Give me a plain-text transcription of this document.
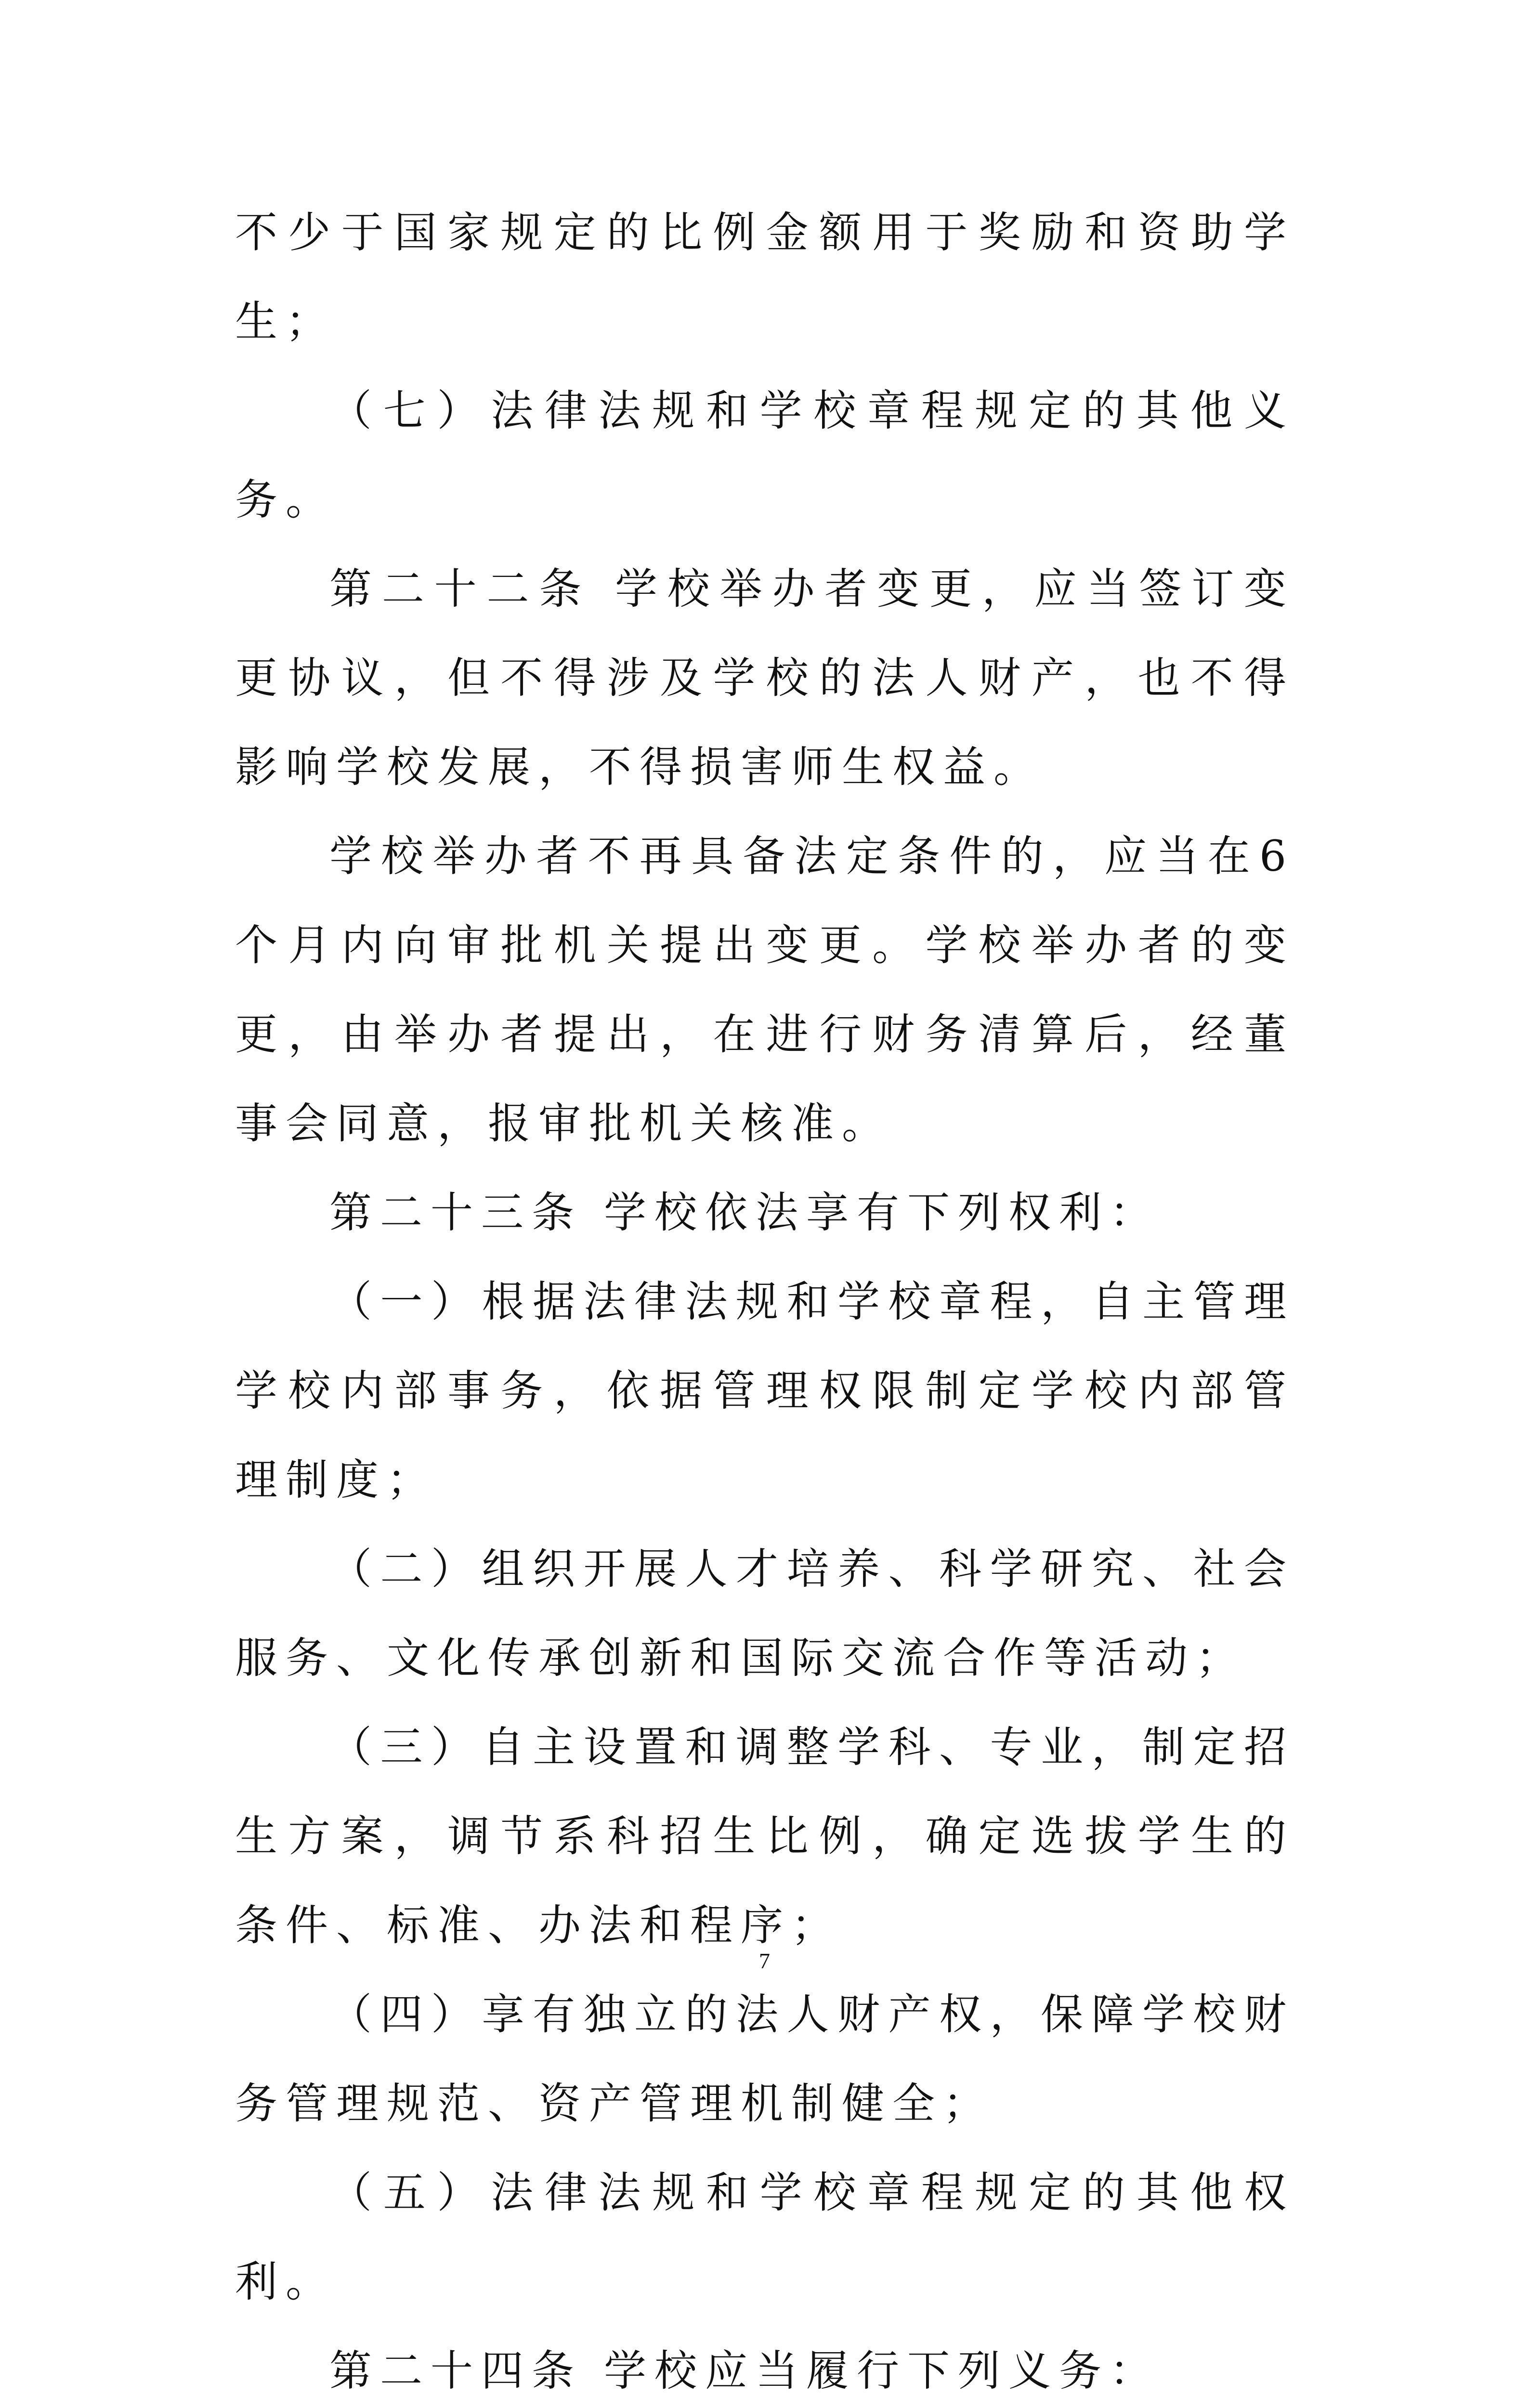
不少于国家规定的比例金额用于奖励和资助学生；

（七）法律法规和学校章程规定的其他义务。

第二十二条 学校举办者变更，应当签订变更协议，但不得涉及学校的法人财产，也不得影响学校发展，不得损害师生权益。

学校举办者不再具备法定条件的，应当在6个月内向审批机关提出变更。学校举办者的变更，由举办者提出，在进行财务清算后，经董事会同意，报审批机关核准。

第二十三条 学校依法享有下列权利：

（一）根据法律法规和学校章程，自主管理学校内部事务，依据管理权限制定学校内部管理制度；

（二）组织开展人才培养、科学研究、社会服务、文化传承创新和国际交流合作等活动；

（三）自主设置和调整学科、专业，制定招生方案，调节系科招生比例，确定选拔学生的条件、标准、办法和程序；

（四）享有独立的法人财产权，保障学校财务管理规范、资产管理机制健全；

（五）法律法规和学校章程规定的其他权利。

第二十四条 学校应当履行下列义务：

7
